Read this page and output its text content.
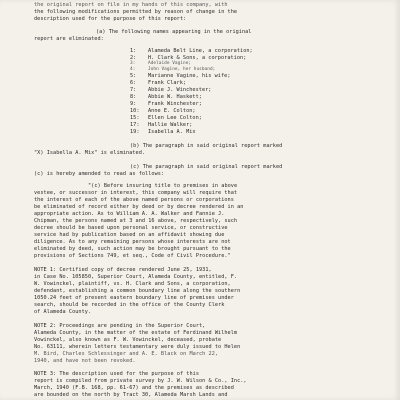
the original report on file in my hands of this company, with
the following modifications permitted by reason of change in the
description used for the purpose of this report:
(a) The following names appearing in the original
report are eliminated:
1: Alameda Belt Line, a corporation;
2: H. Clark & Sons, a corporation;
3:	Adelaide Vagine;
4:	John Vagine, her husband;
5: Marianne Vagine, his wife;
6: Frank Clark;
7: Abbie J. Winchester;
8: Abbie W. Haskett;
9: Frank Winchester;
10: Anne E. Colton;
15: Ellen Lee Colton;
17: Hallie Walker;
19: Isabella A. Mix
(b) The paragraph in said original report marked
"X) Isabella A. Mix" is eliminated.
(c) The paragraph in said original report marked
(c) is hereby amended to read as follows:
"(c) Before insuring title to premises in above
vestee, or successor in interest, this company will require that
the interest of each of the above named persons or corporations
be eliminated of record either by deed or by decree rendered in an
appropriate action. As to William A. A. Walker and Fannie J.
Chipman, the persons named at 3 and 16 above, respectively, such
decree should be based upon personal service, or constructive
service had by publication based on an affidavit showing due
diligence. As to any remaining persons whose interests are not
eliminated by deed, such action may be brought pursuant to the
provisions of Sections 749, et seq., Code of Civil Procedure."
NOTE 1: Certified copy of decree rendered June 25, 1931,
in Case No. 105850, Superior Court, Alameda County, entitled, F.
W. Vowinckel, plaintiff, vs. H. Clark and Sons, a corporation,
defendant, establishing a common boundary line along the southern
1050.24 feet of present eastern boundary line of premises under
search, should be recorded in the office of the County Clerk
of Alameda County.
NOTE 2: Proceedings are pending in the Superior Court,
Alameda County, in the matter of the estate of Ferdinand Wilhelm
Vowinckel, also known as F. W. Vowinckel, deceased, probate
No. 63111, wherein letters testamentary were duly issued to Helen
M. Bird, Charles Schlessinger and A. E. Black on March 22,
1940, and have not been revoked.
NOTE 3: The description used for the purpose of this
report is compiled from private survey by J. W. Wilson & Co., Inc.,
March, 1940 (F.B. 168, pp. 61-67) and the premises as described
are bounded on the north by Tract 30, Alameda Marsh Lands and
